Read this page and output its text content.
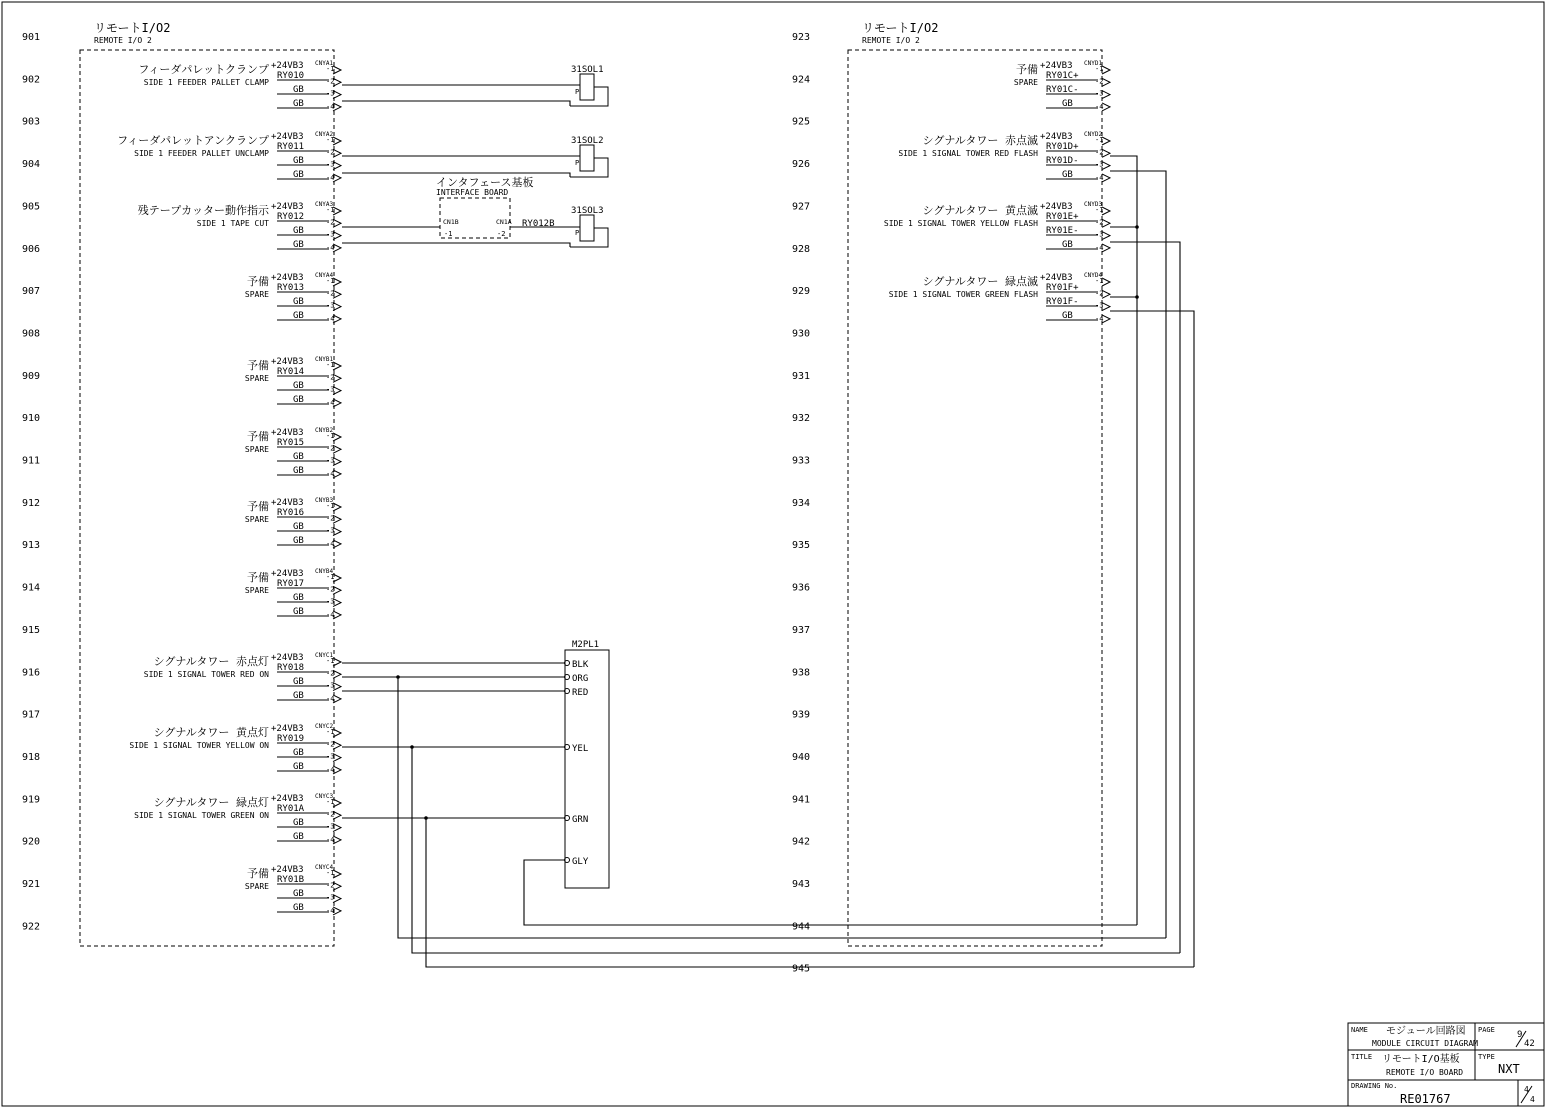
901
902
903
904
905
906
907
908
909
910
911
912
913
914
915
916
917
918
919
920
921
922
923
924
925
926
927
928
929
930
931
932
933
934
935
936
937
938
939
940
941
942
943
944
945
リモートI/O2
REMOTE I/O 2
リモートI/O2
REMOTE I/O 2
+24VB3 CNYA1
RY010
GB
GB
-1
-2
-3
-4
フィーダパレットクランプ
SIDE 1 FEEDER PALLET CLAMP
+24VB3 CNYA2
RY011
GB
GB
-1
-2
-3
-4
フィーダパレットアンクランプ
SIDE 1 FEEDER PALLET UNCLAMP
+24VB3 CNYA3
RY012
GB
GB
-1
-2
-3
-4
残テープカッター動作指示
SIDE 1 TAPE CUT
+24VB3 CNYA4
RY013
GB
GB
-1
-2
-3
-4
予備
SPARE
+24VB3 CNYB1
RY014
GB
GB
-1
-2
-3
-4
予備
SPARE
+24VB3 CNYB2
RY015
GB
GB
-1
-2
-3
-4
予備
SPARE
+24VB3 CNYB3
RY016
GB
GB
-1
-2
-3
-4
予備
SPARE
+24VB3 CNYB4
RY017
GB
GB
-1
-2
-3
-4
予備
SPARE
+24VB3 CNYC1
RY018
GB
GB
-1
-2
-3
-4
シグナルタワー 赤点灯
SIDE 1 SIGNAL TOWER RED ON
+24VB3 CNYC2
RY019
GB
GB
-1
-2
-3
-4
シグナルタワー 黄点灯
SIDE 1 SIGNAL TOWER YELLOW ON
+24VB3 CNYC3
RY01A
GB
GB
-1
-2
-3
-4
シグナルタワー 緑点灯
SIDE 1 SIGNAL TOWER GREEN ON
+24VB3 CNYC4
RY01B
GB
GB
-1
-2
-3
-4
予備
SPARE
+24VB3 CNYD1
RY01C+
RY01C-
GB
-1
-2
-3
-4
予備
SPARE
+24VB3 CNYD2
RY01D+
RY01D-
GB
-1
-2
-3
-4
シグナルタワー 赤点滅
SIDE 1 SIGNAL TOWER RED FLASH
+24VB3 CNYD3
RY01E+
RY01E-
GB
-1
-2
-3
-4
シグナルタワー 黄点滅
SIDE 1 SIGNAL TOWER YELLOW FLASH
+24VB3 CNYD4
RY01F+
RY01F-
GB
-1
-2
-3
-4
シグナルタワー 緑点滅
SIDE 1 SIGNAL TOWER GREEN FLASH
31SOL1
P
31SOL2
P
31SOL3
P
インタフェース基板
INTERFACE BOARD
CN1B	CN1A
-1	-2
RY012B
M2PL1
BLK
ORG
RED
YEL
GRN
GLY
NAME モジュール回路図
MODULE CIRCUIT DIAGRAM
PAGE 9
42
TITLE リモートI/O基板
REMOTE I/O BOARD
TYPE
NXT
DRAWING No.
RE01767
4
4
